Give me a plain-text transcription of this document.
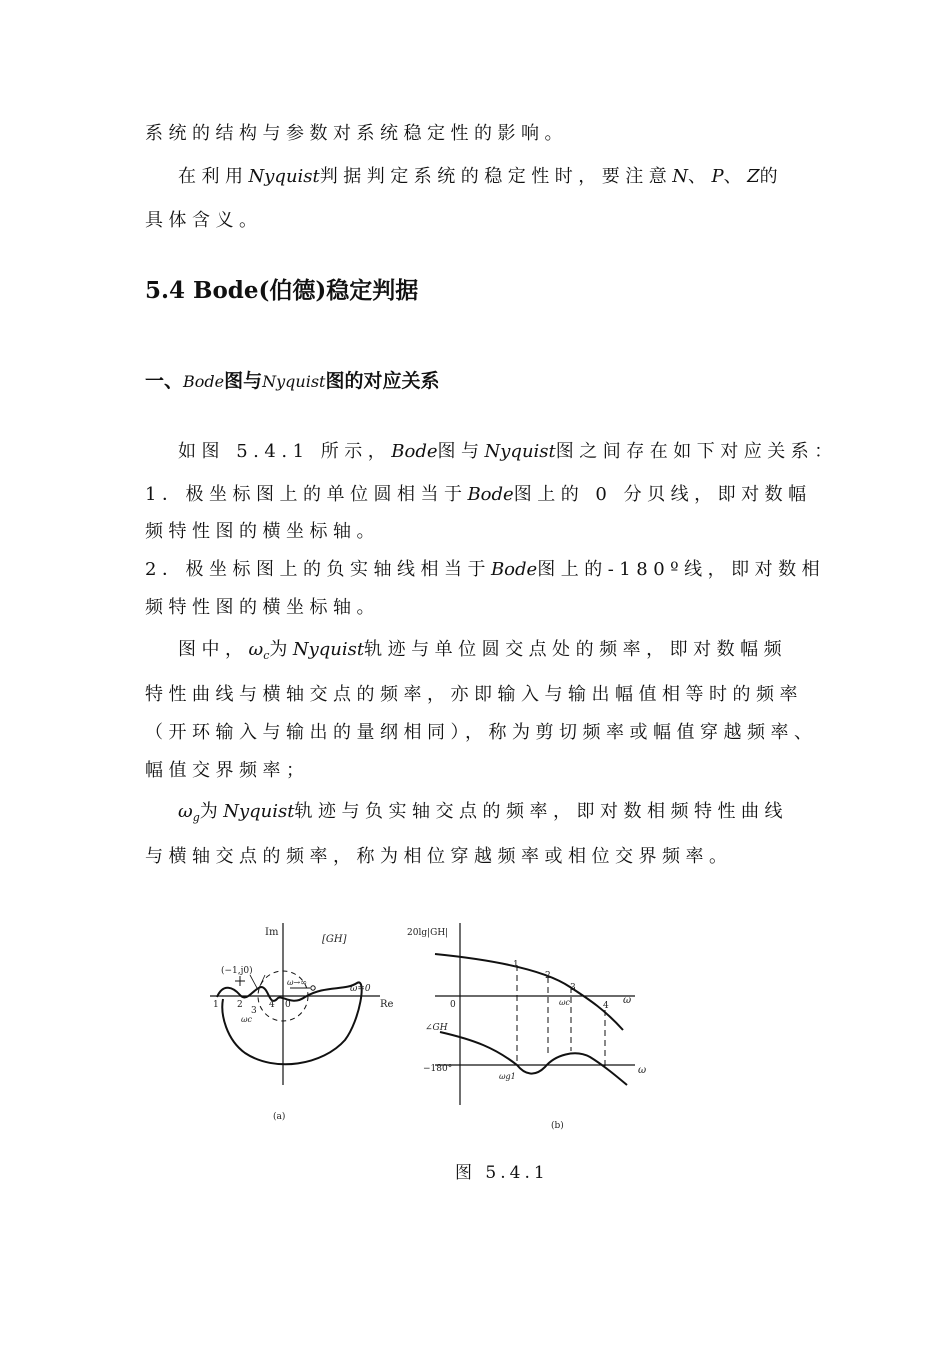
系统的结构与参数对系统稳定性的影响。
在利用Nyquist判据判定系统的稳定性时，要注意N、P、Z的
具体含义。
5.4 Bode(伯德)稳定判据
一、Bode图与Nyquist图的对应关系
如图 5.4.1 所示，Bode图与Nyquist图之间存在如下对应关系：
1．极坐标图上的单位圆相当于Bode图上的 0 分贝线，即对数幅
频特性图的横坐标轴。
2．极坐标图上的负实轴线相当于Bode图上的-180º线，即对数相
频特性图的横坐标轴。
图中，$\omega_c$为Nyquist轨迹与单位圆交点处的频率，即对数幅频
特性曲线与横轴交点的频率，亦即输入与输出幅值相等时的频率
（开环输入与输出的量纲相同），称为剪切频率或幅值穿越频率、
幅值交界频率；
$\omega_g$为Nyquist轨迹与负实轴交点的频率，即对数相频特性曲线
与横轴交点的频率，称为相位穿越频率或相位交界频率。
Im
[GH]
(−1,j0)
ω→∞
ω=0
Re
1 2
3
4 0
ωc
(a)
20lg|GH|
0	ω
∠GH
−180°	ω
1
2
3
4
ωc
ωg1
(b)
图 5.4.1
